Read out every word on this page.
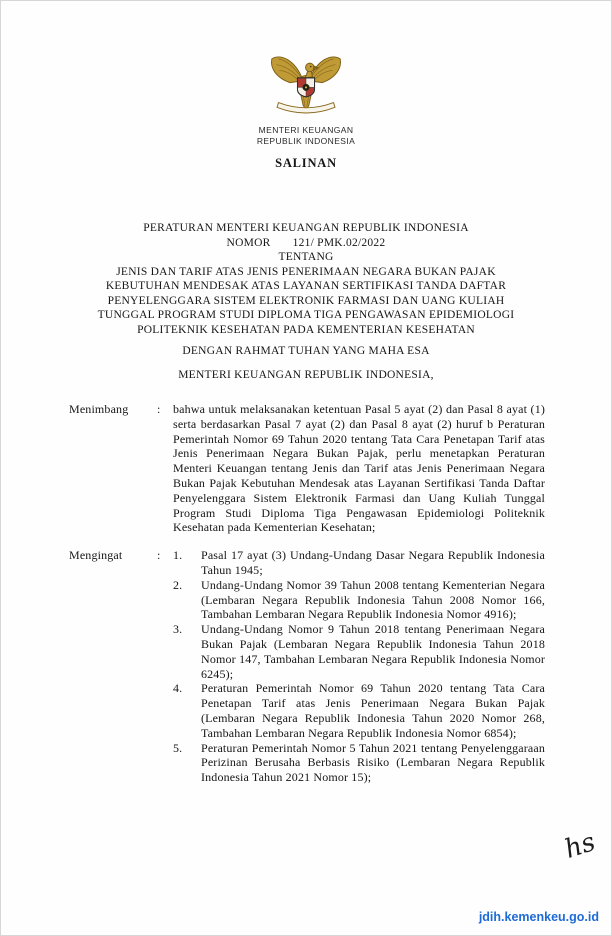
MENTERI KEUANGAN
REPUBLIK INDONESIA
SALINAN
PERATURAN MENTERI KEUANGAN REPUBLIK INDONESIA
NOMOR 121/ PMK.02/2022
TENTANG
JENIS DAN TARIF ATAS JENIS PENERIMAAN NEGARA BUKAN PAJAK
KEBUTUHAN MENDESAK ATAS LAYANAN SERTIFIKASI TANDA DAFTAR
PENYELENGGARA SISTEM ELEKTRONIK FARMASI DAN UANG KULIAH
TUNGGAL PROGRAM STUDI DIPLOMA TIGA PENGAWASAN EPIDEMIOLOGI
POLITEKNIK KESEHATAN PADA KEMENTERIAN KESEHATAN
DENGAN RAHMAT TUHAN YANG MAHA ESA
MENTERI KEUANGAN REPUBLIK INDONESIA,
Menimbang	:	bahwa untuk melaksanakan ketentuan Pasal 5 ayat (2) dan Pasal 8 ayat (1) serta berdasarkan Pasal 7 ayat (2) dan Pasal 8 ayat (2) huruf b Peraturan Pemerintah Nomor 69 Tahun 2020 tentang Tata Cara Penetapan Tarif atas Jenis Penerimaan Negara Bukan Pajak, perlu menetapkan Peraturan Menteri Keuangan tentang Jenis dan Tarif atas Jenis Penerimaan Negara Bukan Pajak Kebutuhan Mendesak atas Layanan Sertifikasi Tanda Daftar Penyelenggara Sistem Elektronik Farmasi dan Uang Kuliah Tunggal Program Studi Diploma Tiga Pengawasan Epidemiologi Politeknik Kesehatan pada Kementerian Kesehatan;
Mengingat	:	1.	Pasal 17 ayat (3) Undang-Undang Dasar Negara Republik Indonesia Tahun 1945;
2.	Undang-Undang Nomor 39 Tahun 2008 tentang Kementerian Negara (Lembaran Negara Republik Indonesia Tahun 2008 Nomor 166, Tambahan Lembaran Negara Republik Indonesia Nomor 4916);
3.	Undang-Undang Nomor 9 Tahun 2018 tentang Penerimaan Negara Bukan Pajak (Lembaran Negara Republik Indonesia Tahun 2018 Nomor 147, Tambahan Lembaran Negara Republik Indonesia Nomor 6245);
4.	Peraturan Pemerintah Nomor 69 Tahun 2020 tentang Tata Cara Penetapan Tarif atas Jenis Penerimaan Negara Bukan Pajak (Lembaran Negara Republik Indonesia Tahun 2020 Nomor 268, Tambahan Lembaran Negara Republik Indonesia Nomor 6854);
5.	Peraturan Pemerintah Nomor 5 Tahun 2021 tentang Penyelenggaraan Perizinan Berusaha Berbasis Risiko (Lembaran Negara Republik Indonesia Tahun 2021 Nomor 15);
hs
jdih.kemenkeu.go.id
